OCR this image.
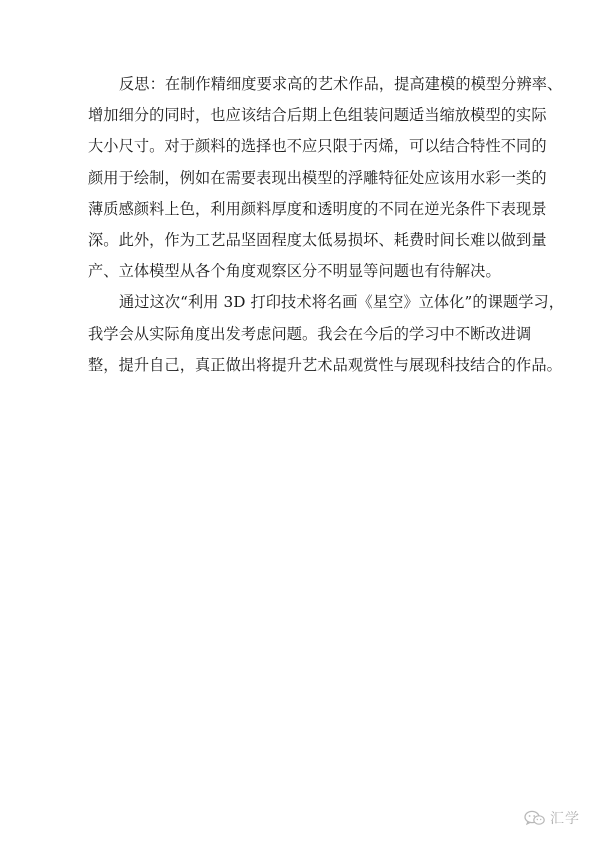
反思：在制作精细度要求高的艺术作品，提高建模的模型分辨率、
增加细分的同时，也应该结合后期上色组装问题适当缩放模型的实际
大小尺寸。对于颜料的选择也不应只限于丙烯，可以结合特性不同的
颜用于绘制，例如在需要表现出模型的浮雕特征处应该用水彩一类的
薄质感颜料上色，利用颜料厚度和透明度的不同在逆光条件下表现景
深。此外，作为工艺品坚固程度太低易损坏、耗费时间长难以做到量
产、立体模型从各个角度观察区分不明显等问题也有待解决。
通过这次“利用 3D 打印技术将名画《星空》立体化”的课题学习，
我学会从实际角度出发考虑问题。我会在今后的学习中不断改进调
整，提升自己，真正做出将提升艺术品观赏性与展现科技结合的作品。
汇学
